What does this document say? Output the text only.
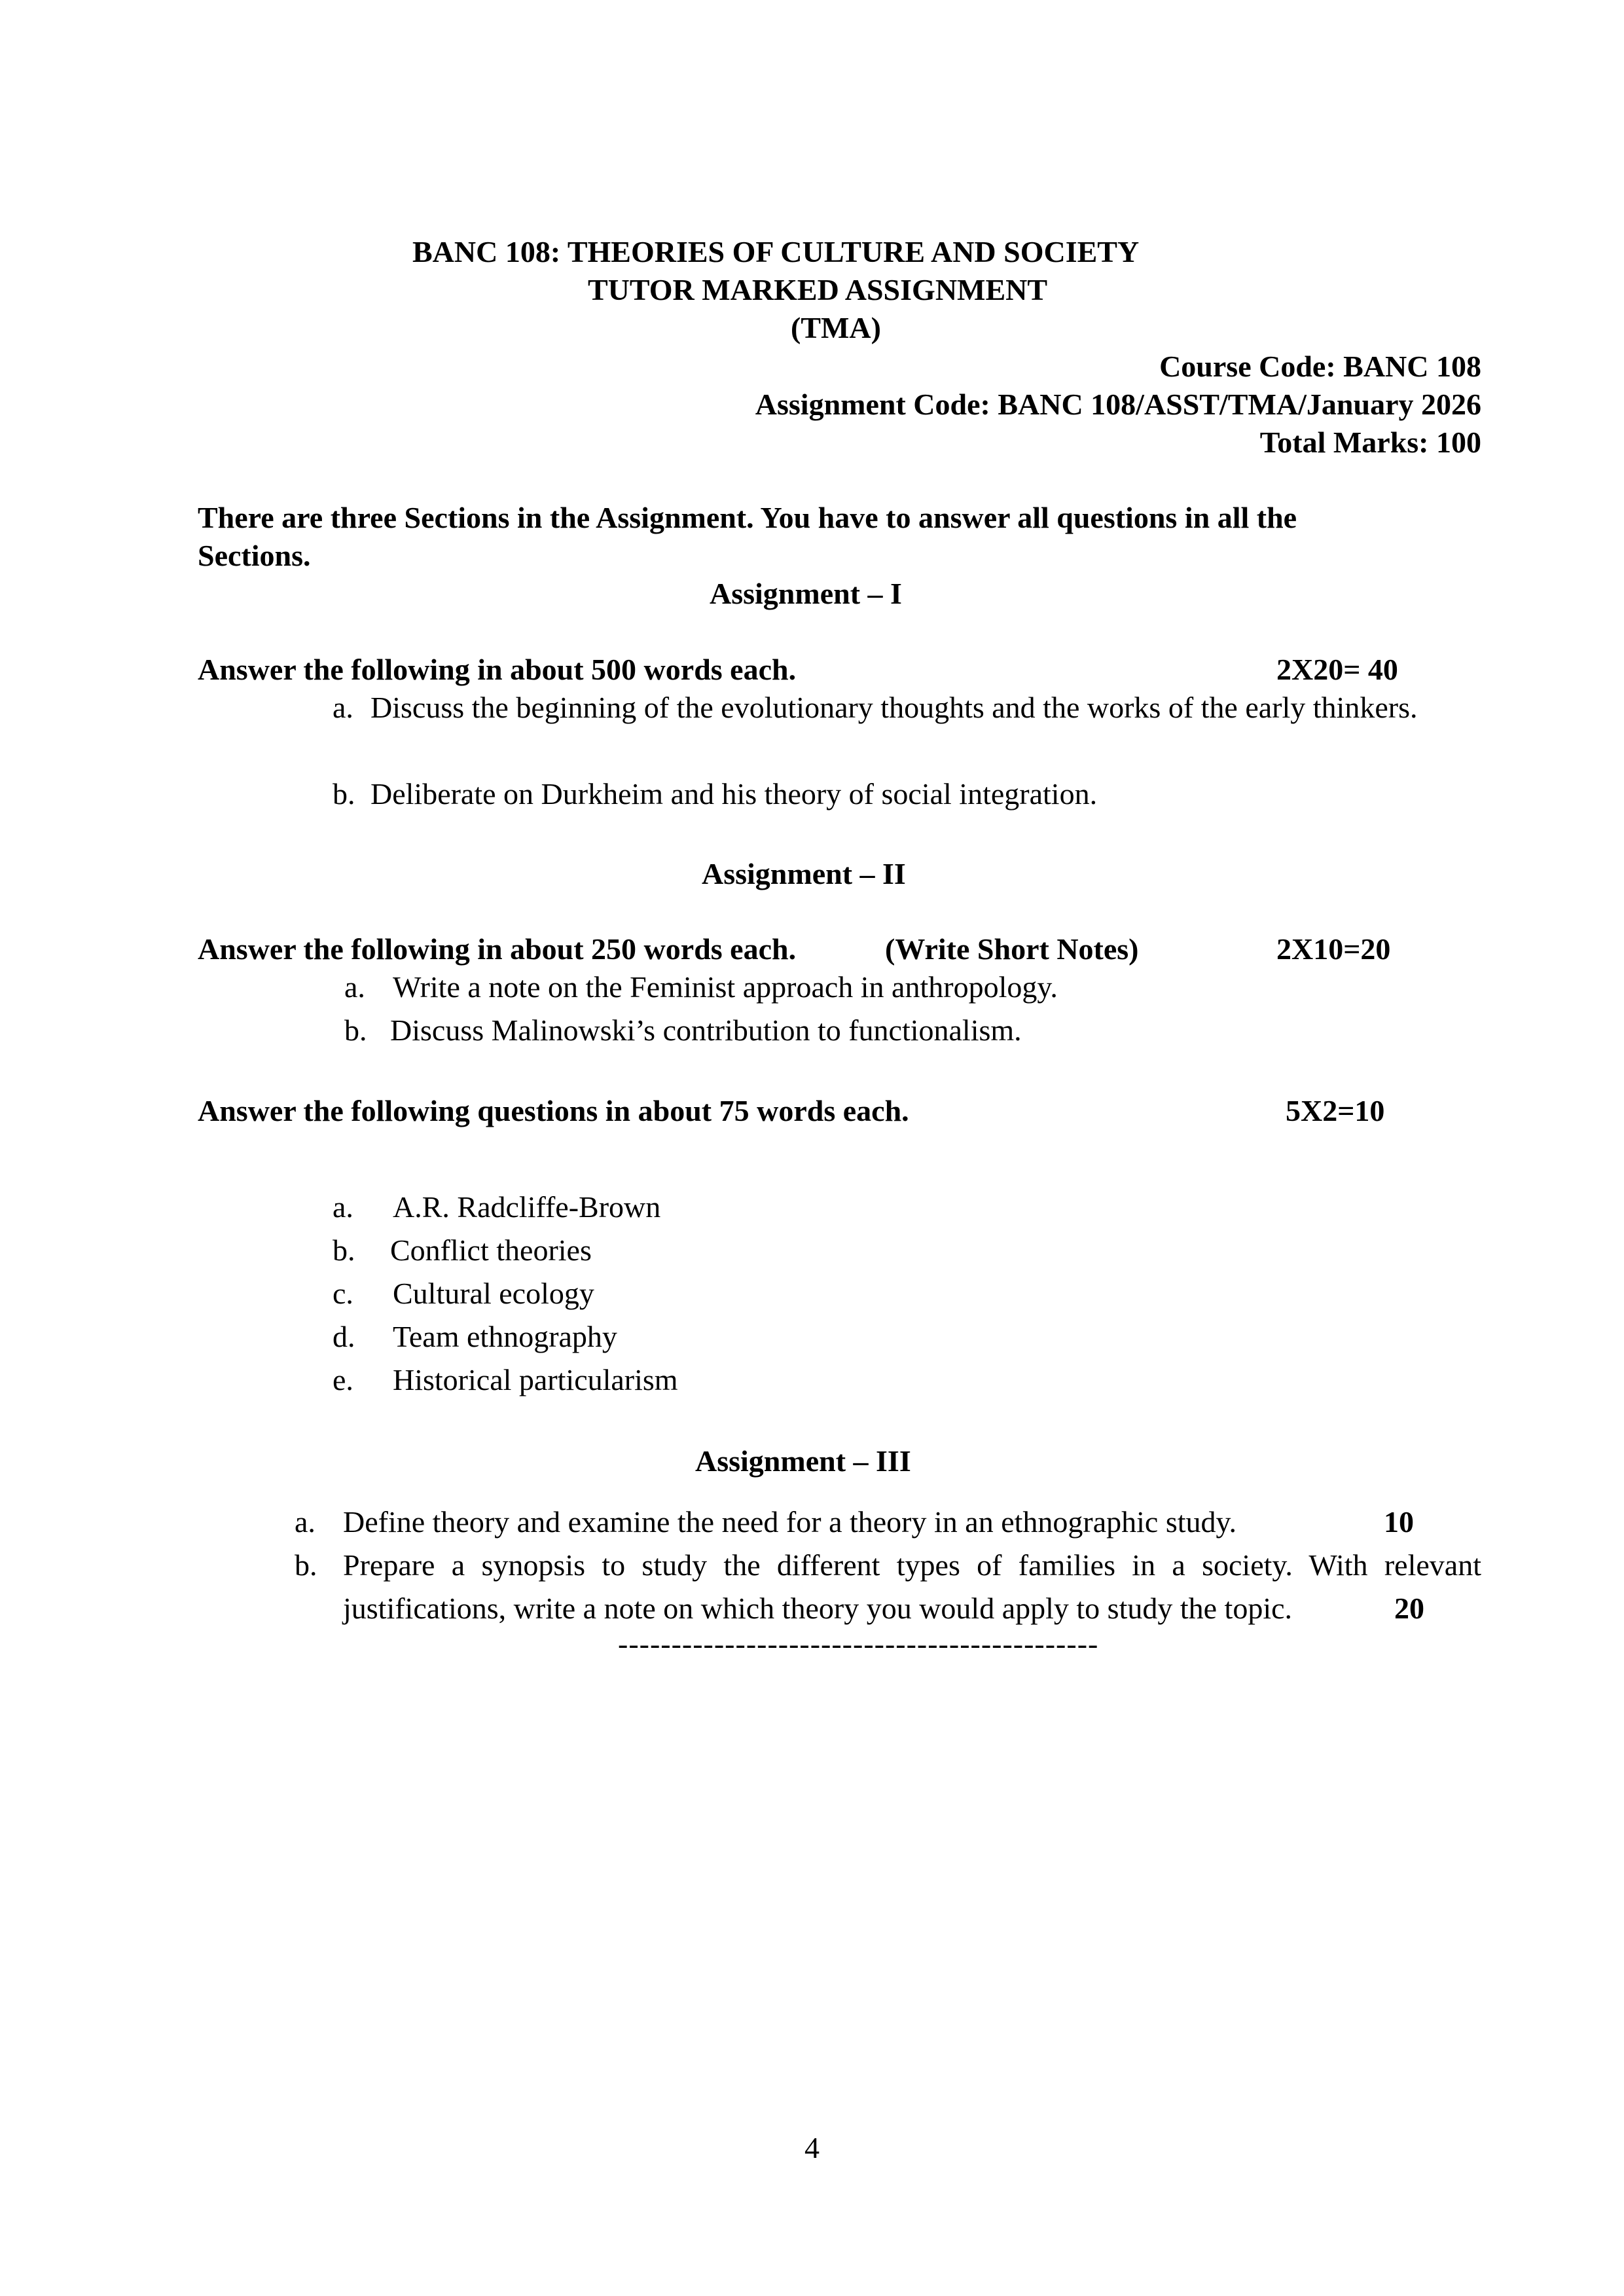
BANC 108: THEORIES OF CULTURE AND SOCIETY
TUTOR MARKED ASSIGNMENT
(TMA)
Course Code: BANC 108
Assignment Code: BANC 108/ASST/TMA/January 2026
Total Marks: 100
There are three Sections in the Assignment. You have to answer all questions in all the
Sections.
Assignment – I
Answer the following in about 500 words each.	2X20= 40
a. Discuss the beginning of the evolutionary thoughts and the works of the early thinkers.
b. Deliberate on Durkheim and his theory of social integration.
Assignment – II
Answer the following in about 250 words each.	(Write Short Notes)	2X10=20
a. Write a note on the Feminist approach in anthropology.
b. Discuss Malinowski’s contribution to functionalism.
Answer the following questions in about 75 words each.	5X2=10
a. A.R. Radcliffe-Brown
b. Conflict theories
c. Cultural ecology
d. Team ethnography
e. Historical particularism
Assignment – III
a. Define theory and examine the need for a theory in an ethnographic study.	10
b. Prepare a synopsis to study the different types of families in a society. With relevant
justifications, write a note on which theory you would apply to study the topic.	20
---------------------------------------------
4
